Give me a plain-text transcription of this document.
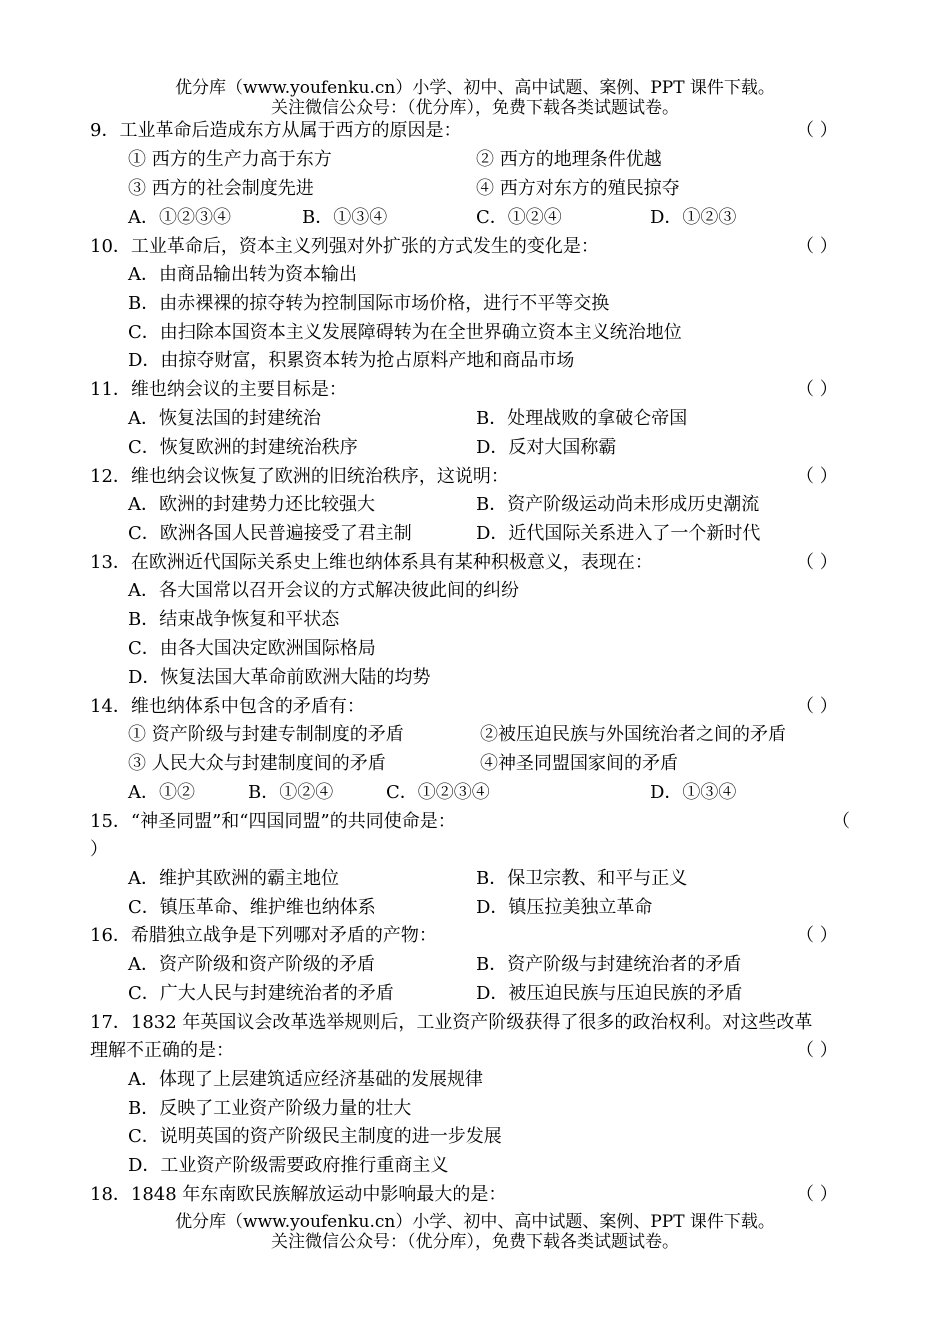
优分库（www.youfenku.cn）小学、初中、高中试题、案例、PPT 课件下载。
关注微信公众号：（优分库），免费下载各类试题试卷。
9．工业革命后造成东方从属于西方的原因是：	（ ）
① 西方的生产力高于东方	② 西方的地理条件优越
③ 西方的社会制度先进	④ 西方对东方的殖民掠夺
A．①②③④	B．①③④	C．①②④	D．①②③
10．工业革命后，资本主义列强对外扩张的方式发生的变化是：	（ ）
A．由商品输出转为资本输出
B．由赤裸裸的掠夺转为控制国际市场价格，进行不平等交换
C．由扫除本国资本主义发展障碍转为在全世界确立资本主义统治地位
D．由掠夺财富，积累资本转为抢占原料产地和商品市场
11．维也纳会议的主要目标是：	（ ）
A．恢复法国的封建统治	B．处理战败的拿破仑帝国
C．恢复欧洲的封建统治秩序	D．反对大国称霸
12．维也纳会议恢复了欧洲的旧统治秩序，这说明：	（ ）
A．欧洲的封建势力还比较强大	B．资产阶级运动尚未形成历史潮流
C．欧洲各国人民普遍接受了君主制	D．近代国际关系进入了一个新时代
13．在欧洲近代国际关系史上维也纳体系具有某种积极意义，表现在：	（ ）
A．各大国常以召开会议的方式解决彼此间的纠纷
B．结束战争恢复和平状态
C．由各大国决定欧洲国际格局
D．恢复法国大革命前欧洲大陆的均势
14．维也纳体系中包含的矛盾有：	（ ）
① 资产阶级与封建专制制度的矛盾	②被压迫民族与外国统治者之间的矛盾
③ 人民大众与封建制度间的矛盾	④神圣同盟国家间的矛盾
A．①②	B．①②④	C．①②③④	D．①③④
15．“神圣同盟”和“四国同盟”的共同使命是：	（
）
A．维护其欧洲的霸主地位	B．保卫宗教、和平与正义
C．镇压革命、维护维也纳体系	D．镇压拉美独立革命
16．希腊独立战争是下列哪对矛盾的产物：	（ ）
A．资产阶级和资产阶级的矛盾	B．资产阶级与封建统治者的矛盾
C．广大人民与封建统治者的矛盾	D．被压迫民族与压迫民族的矛盾
17．1832 年英国议会改革选举规则后，工业资产阶级获得了很多的政治权利。对这些改革
理解不正确的是：	（ ）
A．体现了上层建筑适应经济基础的发展规律
B．反映了工业资产阶级力量的壮大
C．说明英国的资产阶级民主制度的进一步发展
D．工业资产阶级需要政府推行重商主义
18．1848 年东南欧民族解放运动中影响最大的是：	（ ）
优分库（www.youfenku.cn）小学、初中、高中试题、案例、PPT 课件下载。
关注微信公众号：（优分库），免费下载各类试题试卷。
